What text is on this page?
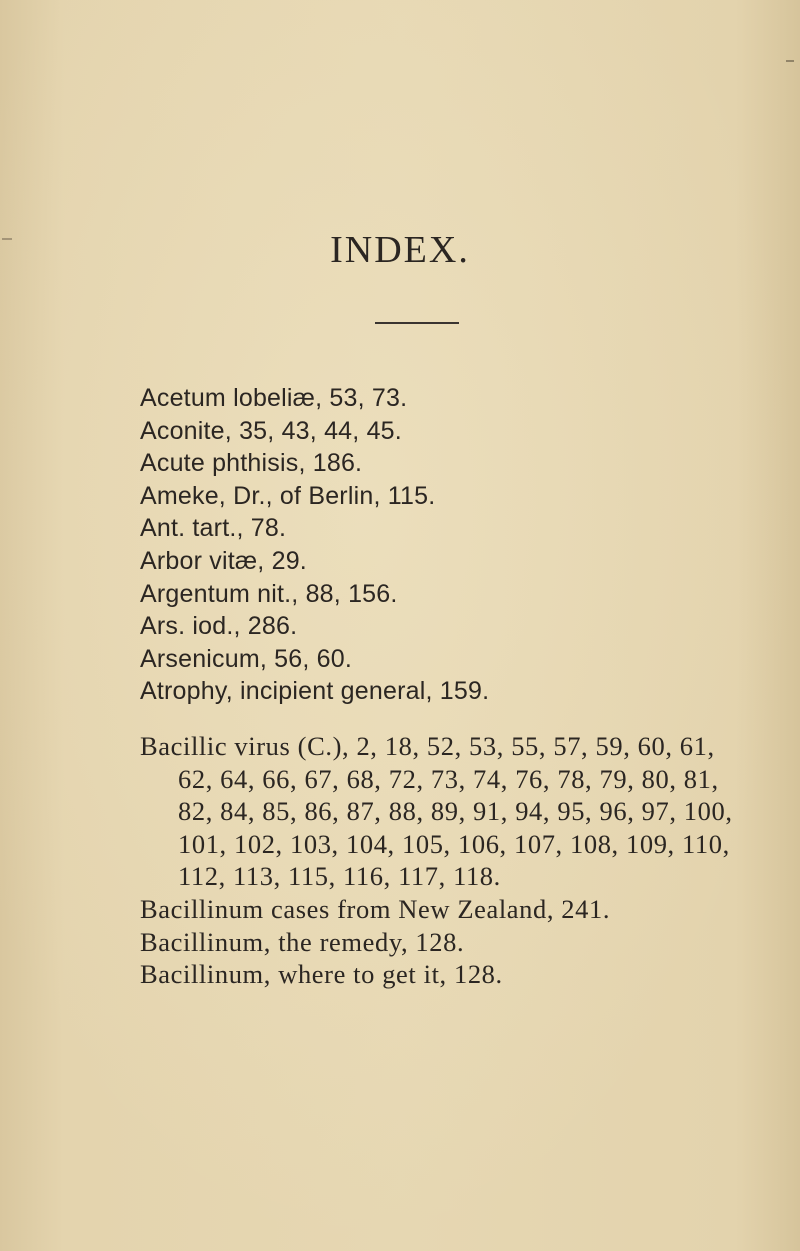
INDEX.
Acetum lobeliæ, 53, 73.
Aconite, 35, 43, 44, 45.
Acute phthisis, 186.
Ameke, Dr., of Berlin, 115.
Ant. tart., 78.
Arbor vitæ, 29.
Argentum nit., 88, 156.
Ars. iod., 286.
Arsenicum, 56, 60.
Atrophy, incipient general, 159.
Bacillic virus (C.), 2, 18, 52, 53, 55, 57, 59, 60, 61, 62, 64, 66, 67, 68, 72, 73, 74, 76, 78, 79, 80, 81, 82, 84, 85, 86, 87, 88, 89, 91, 94, 95, 96, 97, 100, 101, 102, 103, 104, 105, 106, 107, 108, 109, 110, 112, 113, 115, 116, 117, 118.
Bacillinum cases from New Zealand, 241.
Bacillinum, the remedy, 128.
Bacillinum, where to get it, 128.
